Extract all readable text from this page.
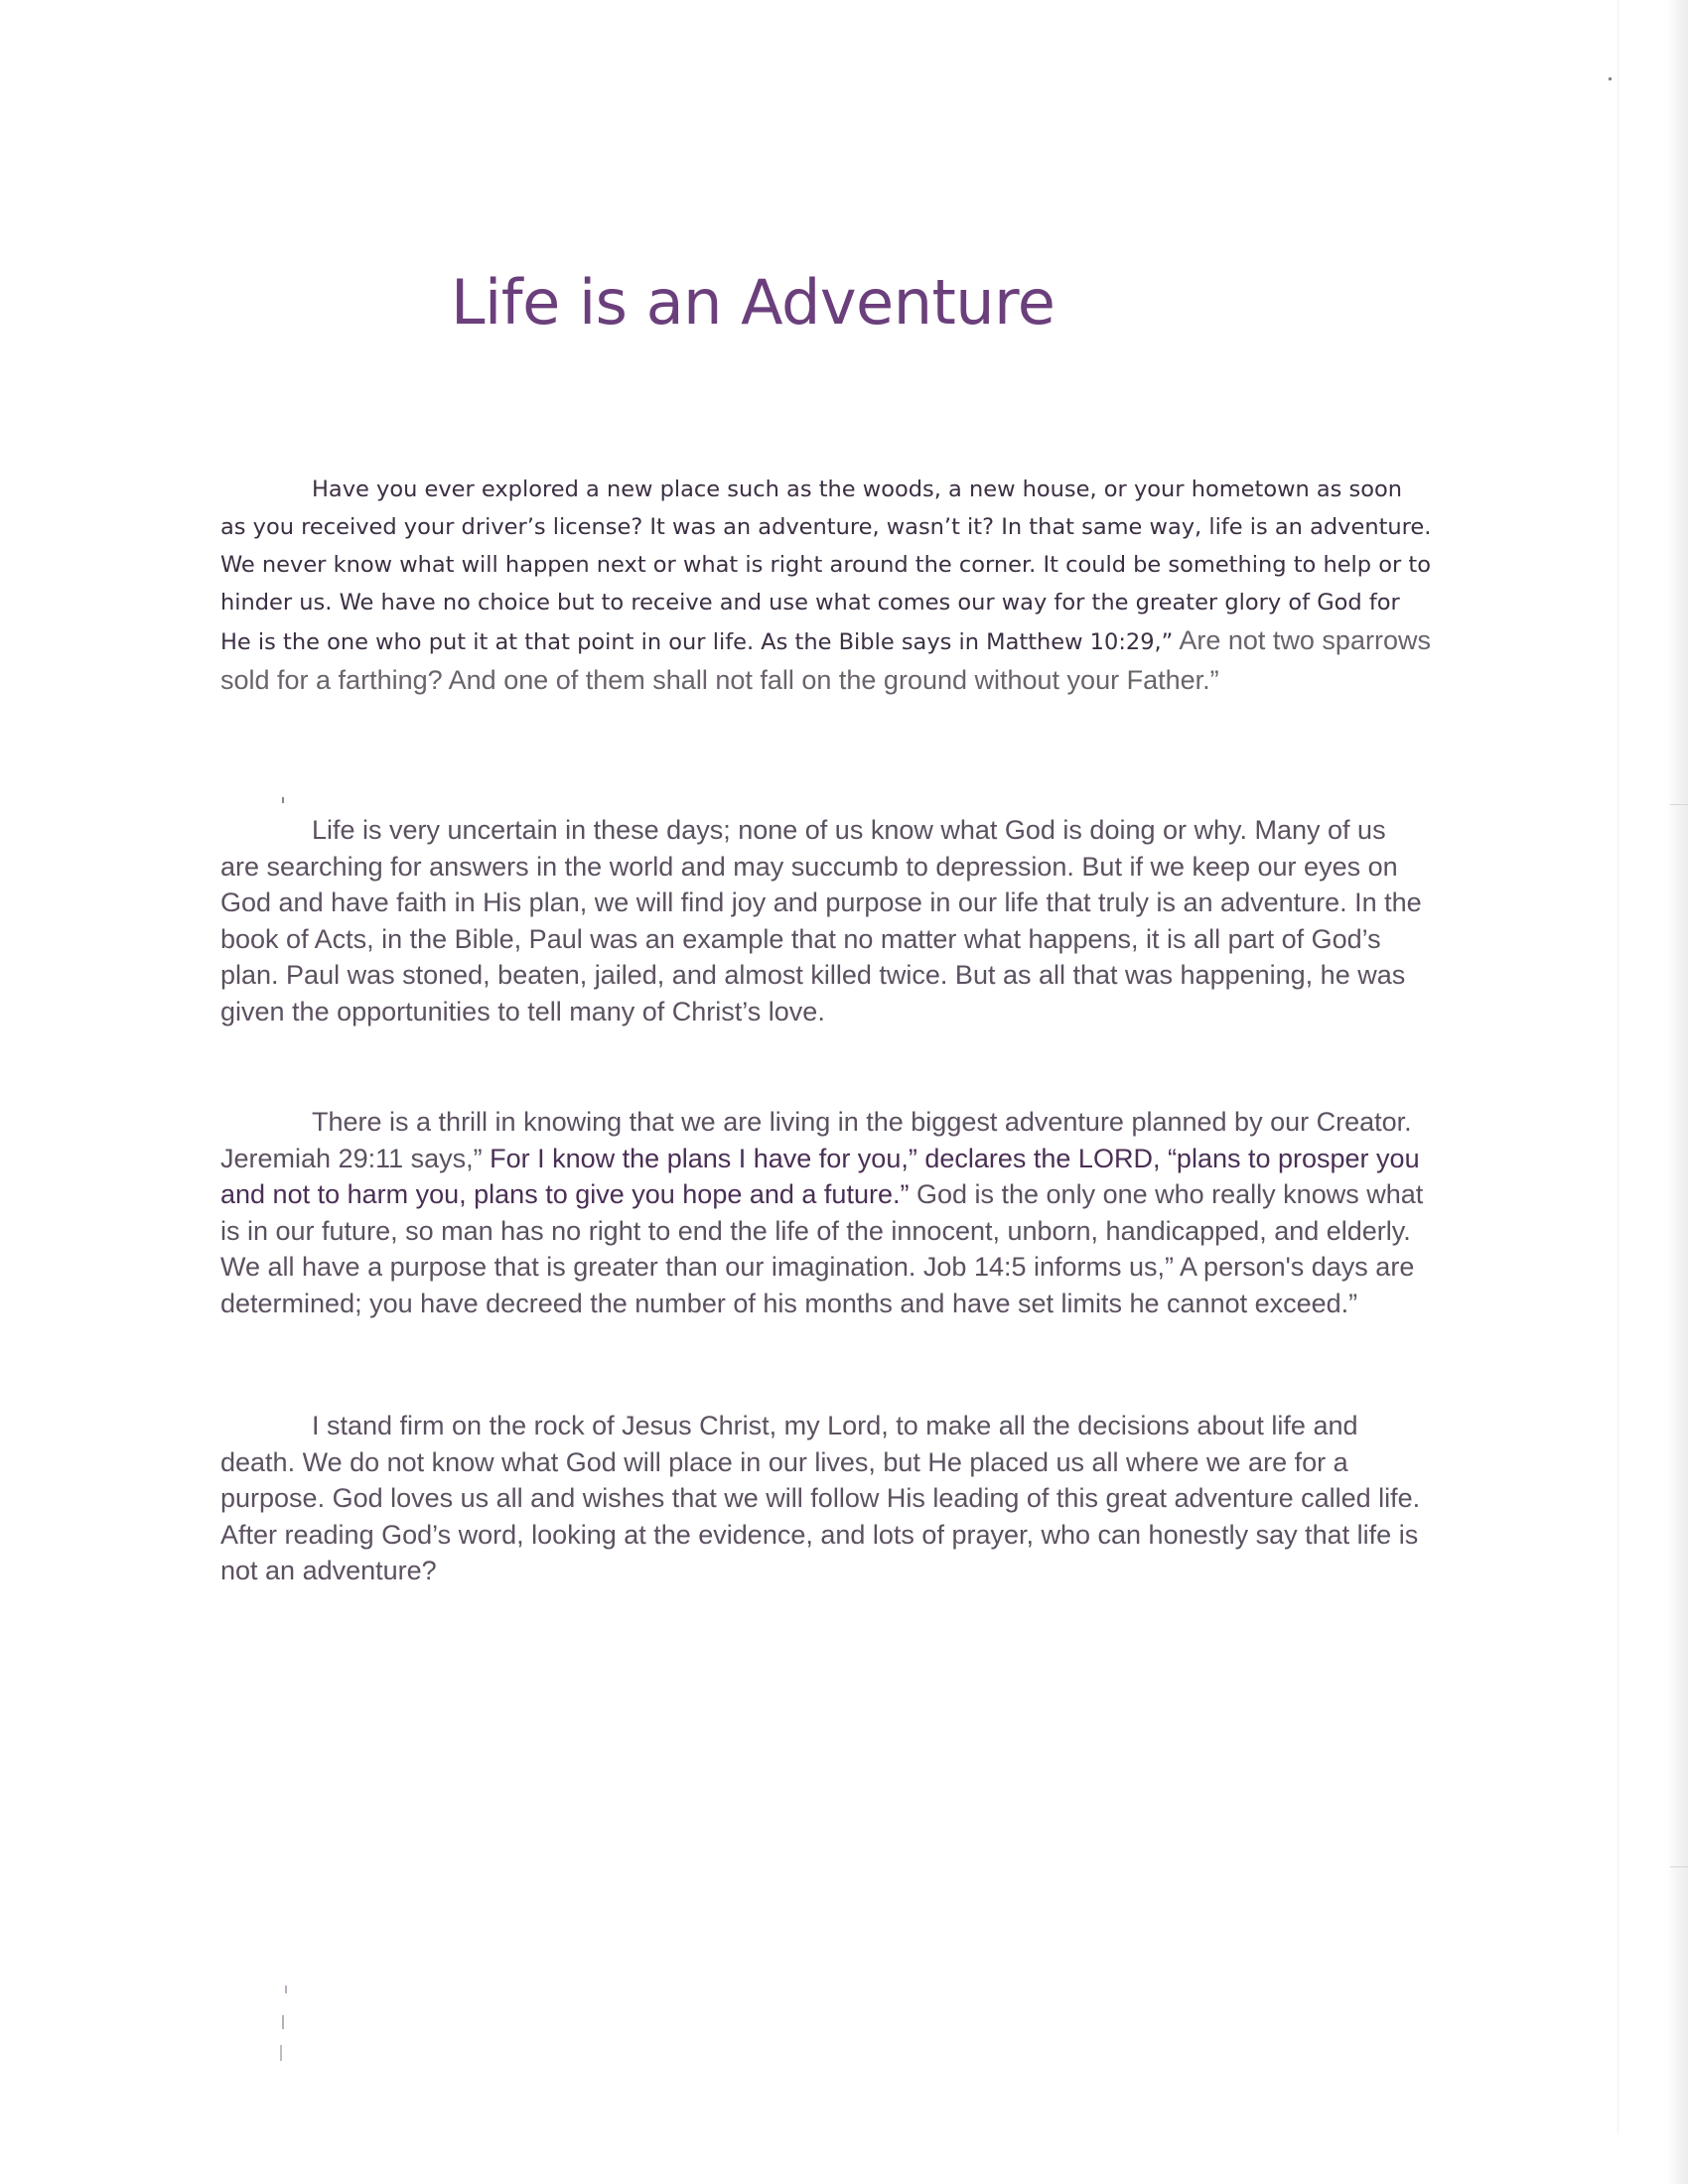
Life is an Adventure

Have you ever explored a new place such as the woods, a new house, or your hometown as soon as you received your driver’s license? It was an adventure, wasn’t it? In that same way, life is an adventure. We never know what will happen next or what is right around the corner. It could be something to help or to hinder us. We have no choice but to receive and use what comes our way for the greater glory of God for He is the one who put it at that point in our life. As the Bible says in Matthew 10:29,” Are not two sparrows sold for a farthing? And one of them shall not fall on the ground without your Father.”

Life is very uncertain in these days; none of us know what God is doing or why. Many of us are searching for answers in the world and may succumb to depression. But if we keep our eyes on God and have faith in His plan, we will find joy and purpose in our life that truly is an adventure. In the book of Acts, in the Bible, Paul was an example that no matter what happens, it is all part of God’s plan. Paul was stoned, beaten, jailed, and almost killed twice. But as all that was happening, he was given the opportunities to tell many of Christ’s love.

There is a thrill in knowing that we are living in the biggest adventure planned by our Creator. Jeremiah 29:11 says,” For I know the plans I have for you,” declares the LORD, “plans to prosper you and not to harm you, plans to give you hope and a future.” God is the only one who really knows what is in our future, so man has no right to end the life of the innocent, unborn, handicapped, and elderly. We all have a purpose that is greater than our imagination. Job 14:5 informs us,” A person's days are determined; you have decreed the number of his months and have set limits he cannot exceed.”

I stand firm on the rock of Jesus Christ, my Lord, to make all the decisions about life and death. We do not know what God will place in our lives, but He placed us all where we are for a purpose. God loves us all and wishes that we will follow His leading of this great adventure called life. After reading God’s word, looking at the evidence, and lots of prayer, who can honestly say that life is not an adventure?
